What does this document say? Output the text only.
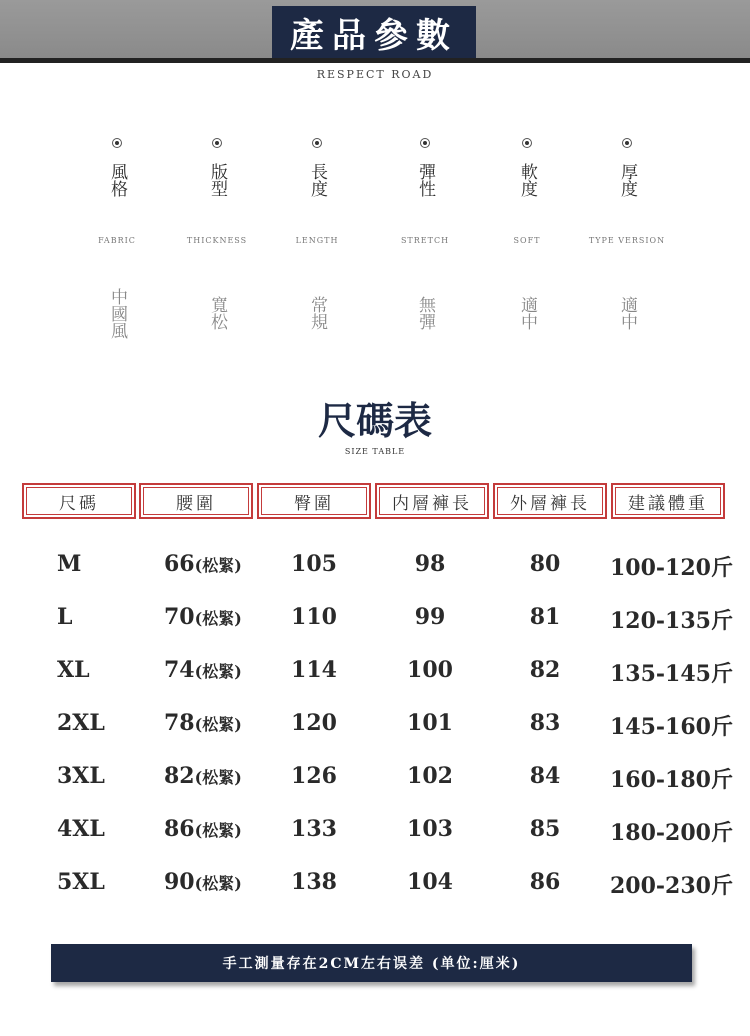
產品參數
RESPECT ROAD
風格
FABRIC
中國風
版型
THICKNESS
寬松
長度
LENGTH
常規
彈性
STRETCH
無彈
軟度
SOFT
適中
厚度
TYPE VERSION
適中
尺碼表
SIZE TABLE
尺碼	腰圍	臀圍	内層褲長	外層褲長	建議體重
M	66(松緊)	105	98	80	100-120斤
L	70(松緊)	110	99	81	120-135斤
XL	74(松緊)	114	100	82	135-145斤
2XL	78(松緊)	120	101	83	145-160斤
3XL	82(松緊)	126	102	84	160-180斤
4XL	86(松緊)	133	103	85	180-200斤
5XL	90(松緊)	138	104	86	200-230斤
手工測量存在2CM左右误差 (单位:厘米)
